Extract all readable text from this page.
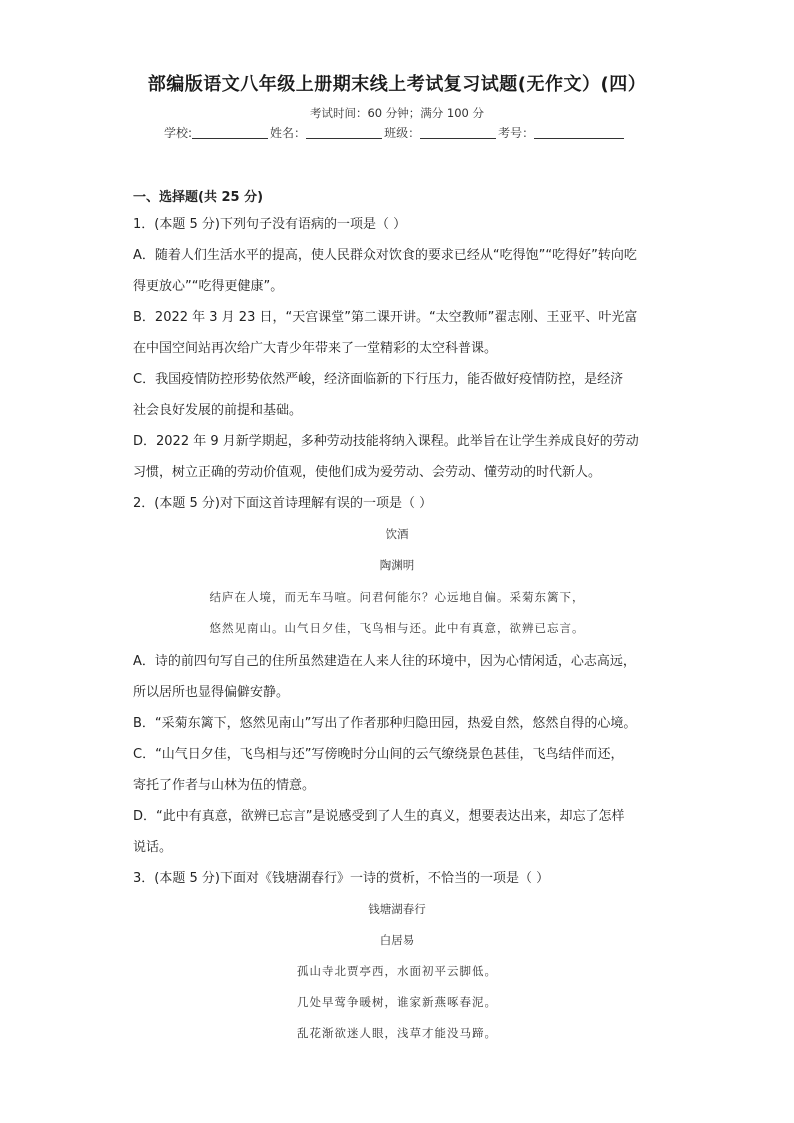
部编版语文八年级上册期末线上考试复习试题(无作文）(四）
考试时间：60 分钟；满分 100 分
学校:	姓名：	班级：	考号：
一、选择题(共 25 分)
1．(本题 5 分)下列句子没有语病的一项是（ ）
A．随着人们生活水平的提高，使人民群众对饮食的要求已经从“吃得饱”“吃得好”转向吃
得更放心”“吃得更健康”。
B．2022 年 3 月 23 日，“天宫课堂”第二课开讲。“太空教师”翟志刚、王亚平、叶光富
在中国空间站再次给广大青少年带来了一堂精彩的太空科普课。
C．我国疫情防控形势依然严峻，经济面临新的下行压力，能否做好疫情防控，是经济
社会良好发展的前提和基础。
D．2022 年 9 月新学期起，多种劳动技能将纳入课程。此举旨在让学生养成良好的劳动
习惯，树立正确的劳动价值观，使他们成为爱劳动、会劳动、懂劳动的时代新人。
2．(本题 5 分)对下面这首诗理解有误的一项是（ ）
饮酒
陶渊明
结庐在人境，而无车马喧。问君何能尔？心远地自偏。采菊东篱下，
悠然见南山。山气日夕佳，飞鸟相与还。此中有真意，欲辨已忘言。
A．诗的前四句写自己的住所虽然建造在人来人往的环境中，因为心情闲适，心志高远，
所以居所也显得偏僻安静。
B．“采菊东篱下，悠然见南山”写出了作者那种归隐田园，热爱自然，悠然自得的心境。
C．“山气日夕佳，飞鸟相与还”写傍晚时分山间的云气缭绕景色甚佳，飞鸟结伴而还，
寄托了作者与山林为伍的情意。
D．“此中有真意，欲辨已忘言”是说感受到了人生的真义，想要表达出来，却忘了怎样
说话。
3．(本题 5 分)下面对《钱塘湖春行》一诗的赏析，不恰当的一项是（ ）
钱塘湖春行
白居易
孤山寺北贾亭西，水面初平云脚低。
几处早莺争暖树，谁家新燕啄春泥。
乱花渐欲迷人眼，浅草才能没马蹄。
